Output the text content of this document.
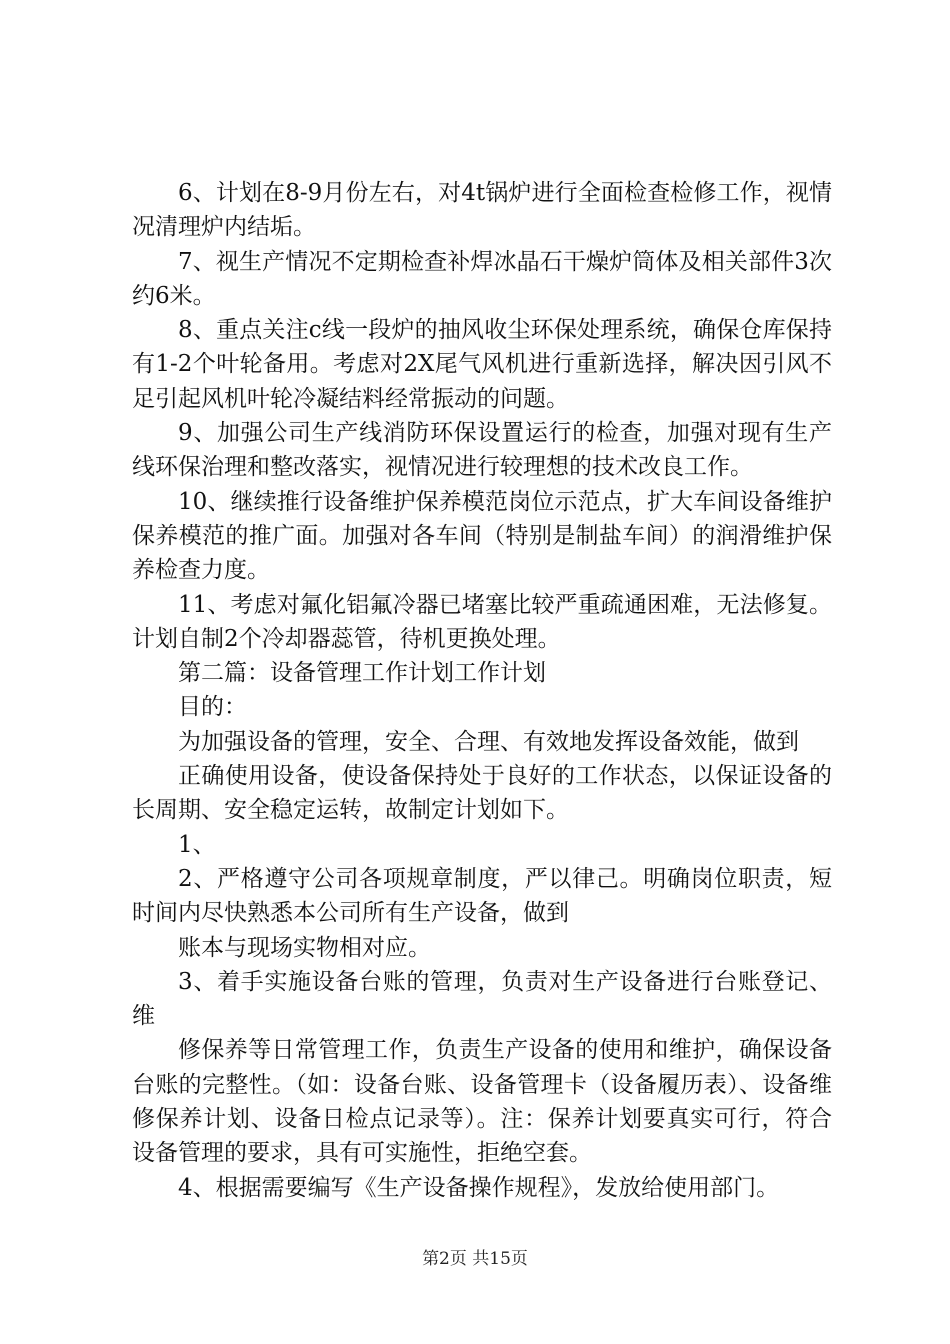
6、计划在8-9月份左右，对4t锅炉进行全面检查检修工作，视情况清理炉内结垢。

7、视生产情况不定期检查补焊冰晶石干燥炉筒体及相关部件3次约6米。

8、重点关注c线一段炉的抽风收尘环保处理系统，确保仓库保持有1-2个叶轮备用。考虑对2X尾气风机进行重新选择，解决因引风不足引起风机叶轮冷凝结料经常振动的问题。

9、加强公司生产线消防环保设置运行的检查，加强对现有生产线环保治理和整改落实，视情况进行较理想的技术改良工作。

10、继续推行设备维护保养模范岗位示范点，扩大车间设备维护保养模范的推广面。加强对各车间（特别是制盐车间）的润滑维护保养检查力度。

11、考虑对氟化铝氟冷器已堵塞比较严重疏通困难，无法修复。计划自制2个冷却器蕊管，待机更换处理。

第二篇：设备管理工作计划工作计划

目的：

为加强设备的管理，安全、合理、有效地发挥设备效能，做到

正确使用设备，使设备保持处于良好的工作状态，以保证设备的长周期、安全稳定运转，故制定计划如下。

1、

2、严格遵守公司各项规章制度，严以律己。明确岗位职责，短时间内尽快熟悉本公司所有生产设备，做到

账本与现场实物相对应。

3、着手实施设备台账的管理，负责对生产设备进行台账登记、维

修保养等日常管理工作，负责生产设备的使用和维护，确保设备台账的完整性。（如：设备台账、设备管理卡（设备履历表）、设备维修保养计划、设备日检点记录等）。注：保养计划要真实可行，符合设备管理的要求，具有可实施性，拒绝空套。

4、根据需要编写《生产设备操作规程》，发放给使用部门。

第2页 共15页
